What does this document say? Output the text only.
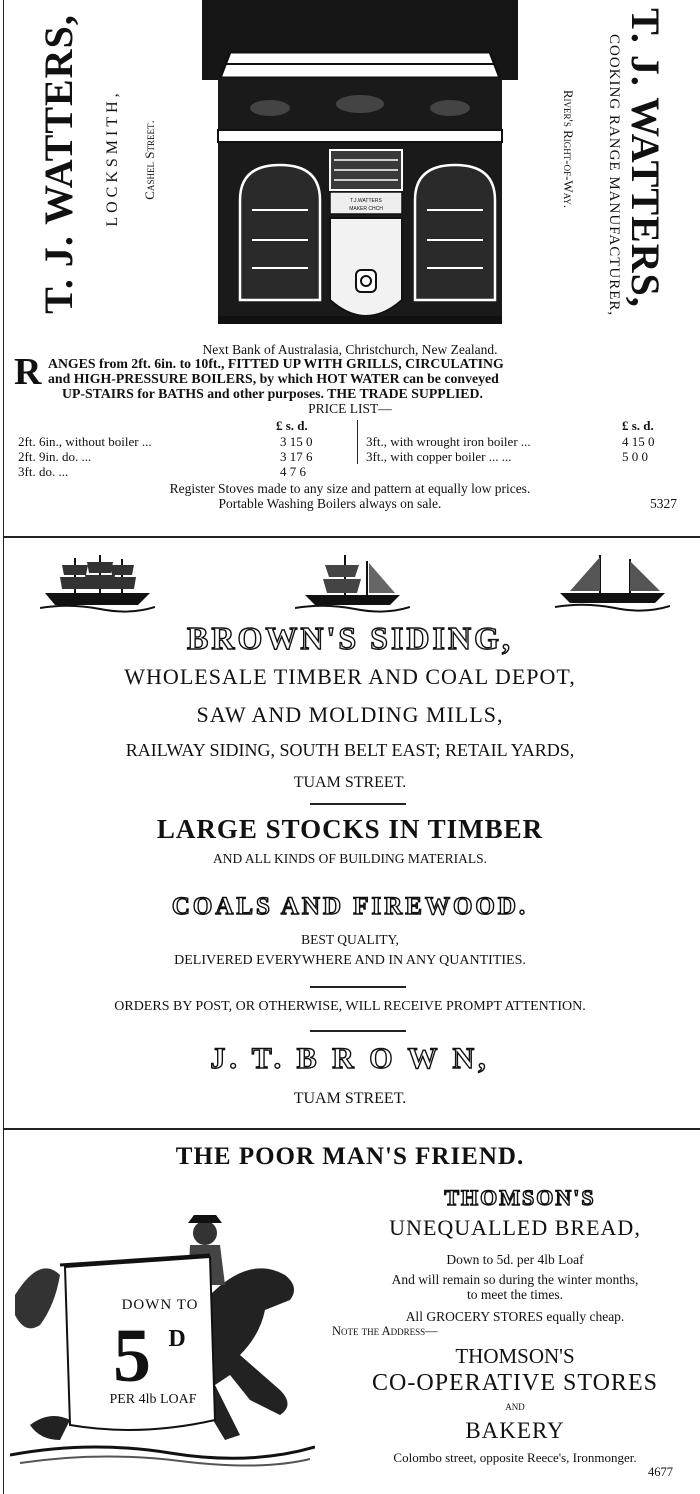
T. J. WATTERS, LOCKSMITH, Cashel Street.
T.J.WATTERS
MAKER CHCH	COOKING RANGE MANUFACTURER,
River's Right-of-Way. T. J. WATTERS,
Next Bank of Australasia, Christchurch, New Zealand.
R ANGES from 2ft. 6in. to 10ft., FITTED UP WITH GRILLS, CIRCULATING
and HIGH-PRESSURE BOILERS, by which HOT WATER can be conveyed
UP-STAIRS for BATHS and other purposes. THE TRADE SUPPLIED.
PRICE LIST—
£ s. d.	£ s. d.
2ft. 6in., without boiler ...	3 15 0
2ft. 9in. do. ...	3 17 6
3ft. do. ...	4 7 6
3ft., with wrought iron boiler ...	4 15 0
3ft., with copper boiler ... ...	5 0 0
Register Stoves made to any size and pattern at equally low prices.
Portable Washing Boilers always on sale.	5327
BROWN'S SIDING,
WHOLESALE TIMBER AND COAL DEPOT,
SAW AND MOLDING MILLS,
RAILWAY SIDING, SOUTH BELT EAST; RETAIL YARDS,
TUAM STREET.
LARGE STOCKS IN TIMBER
AND ALL KINDS OF BUILDING MATERIALS.
COALS AND FIREWOOD.
BEST QUALITY,
DELIVERED EVERYWHERE AND IN ANY QUANTITIES.
ORDERS BY POST, OR OTHERWISE, WILL RECEIVE PROMPT ATTENTION.
J. T. B R O W N,
TUAM STREET.
THE POOR MAN'S FRIEND.
DOWN TO
5 D
PER 4lb LOAF
THOMSON'S
UNEQUALLED BREAD,
Down to 5d. per 4lb Loaf
And will remain so during the winter months,
to meet the times.
All GROCERY STORES equally cheap.
Note the Address—
THOMSON'S
CO-OPERATIVE STORES
AND
BAKERY
Colombo street, opposite Reece's, Ironmonger.
4677
